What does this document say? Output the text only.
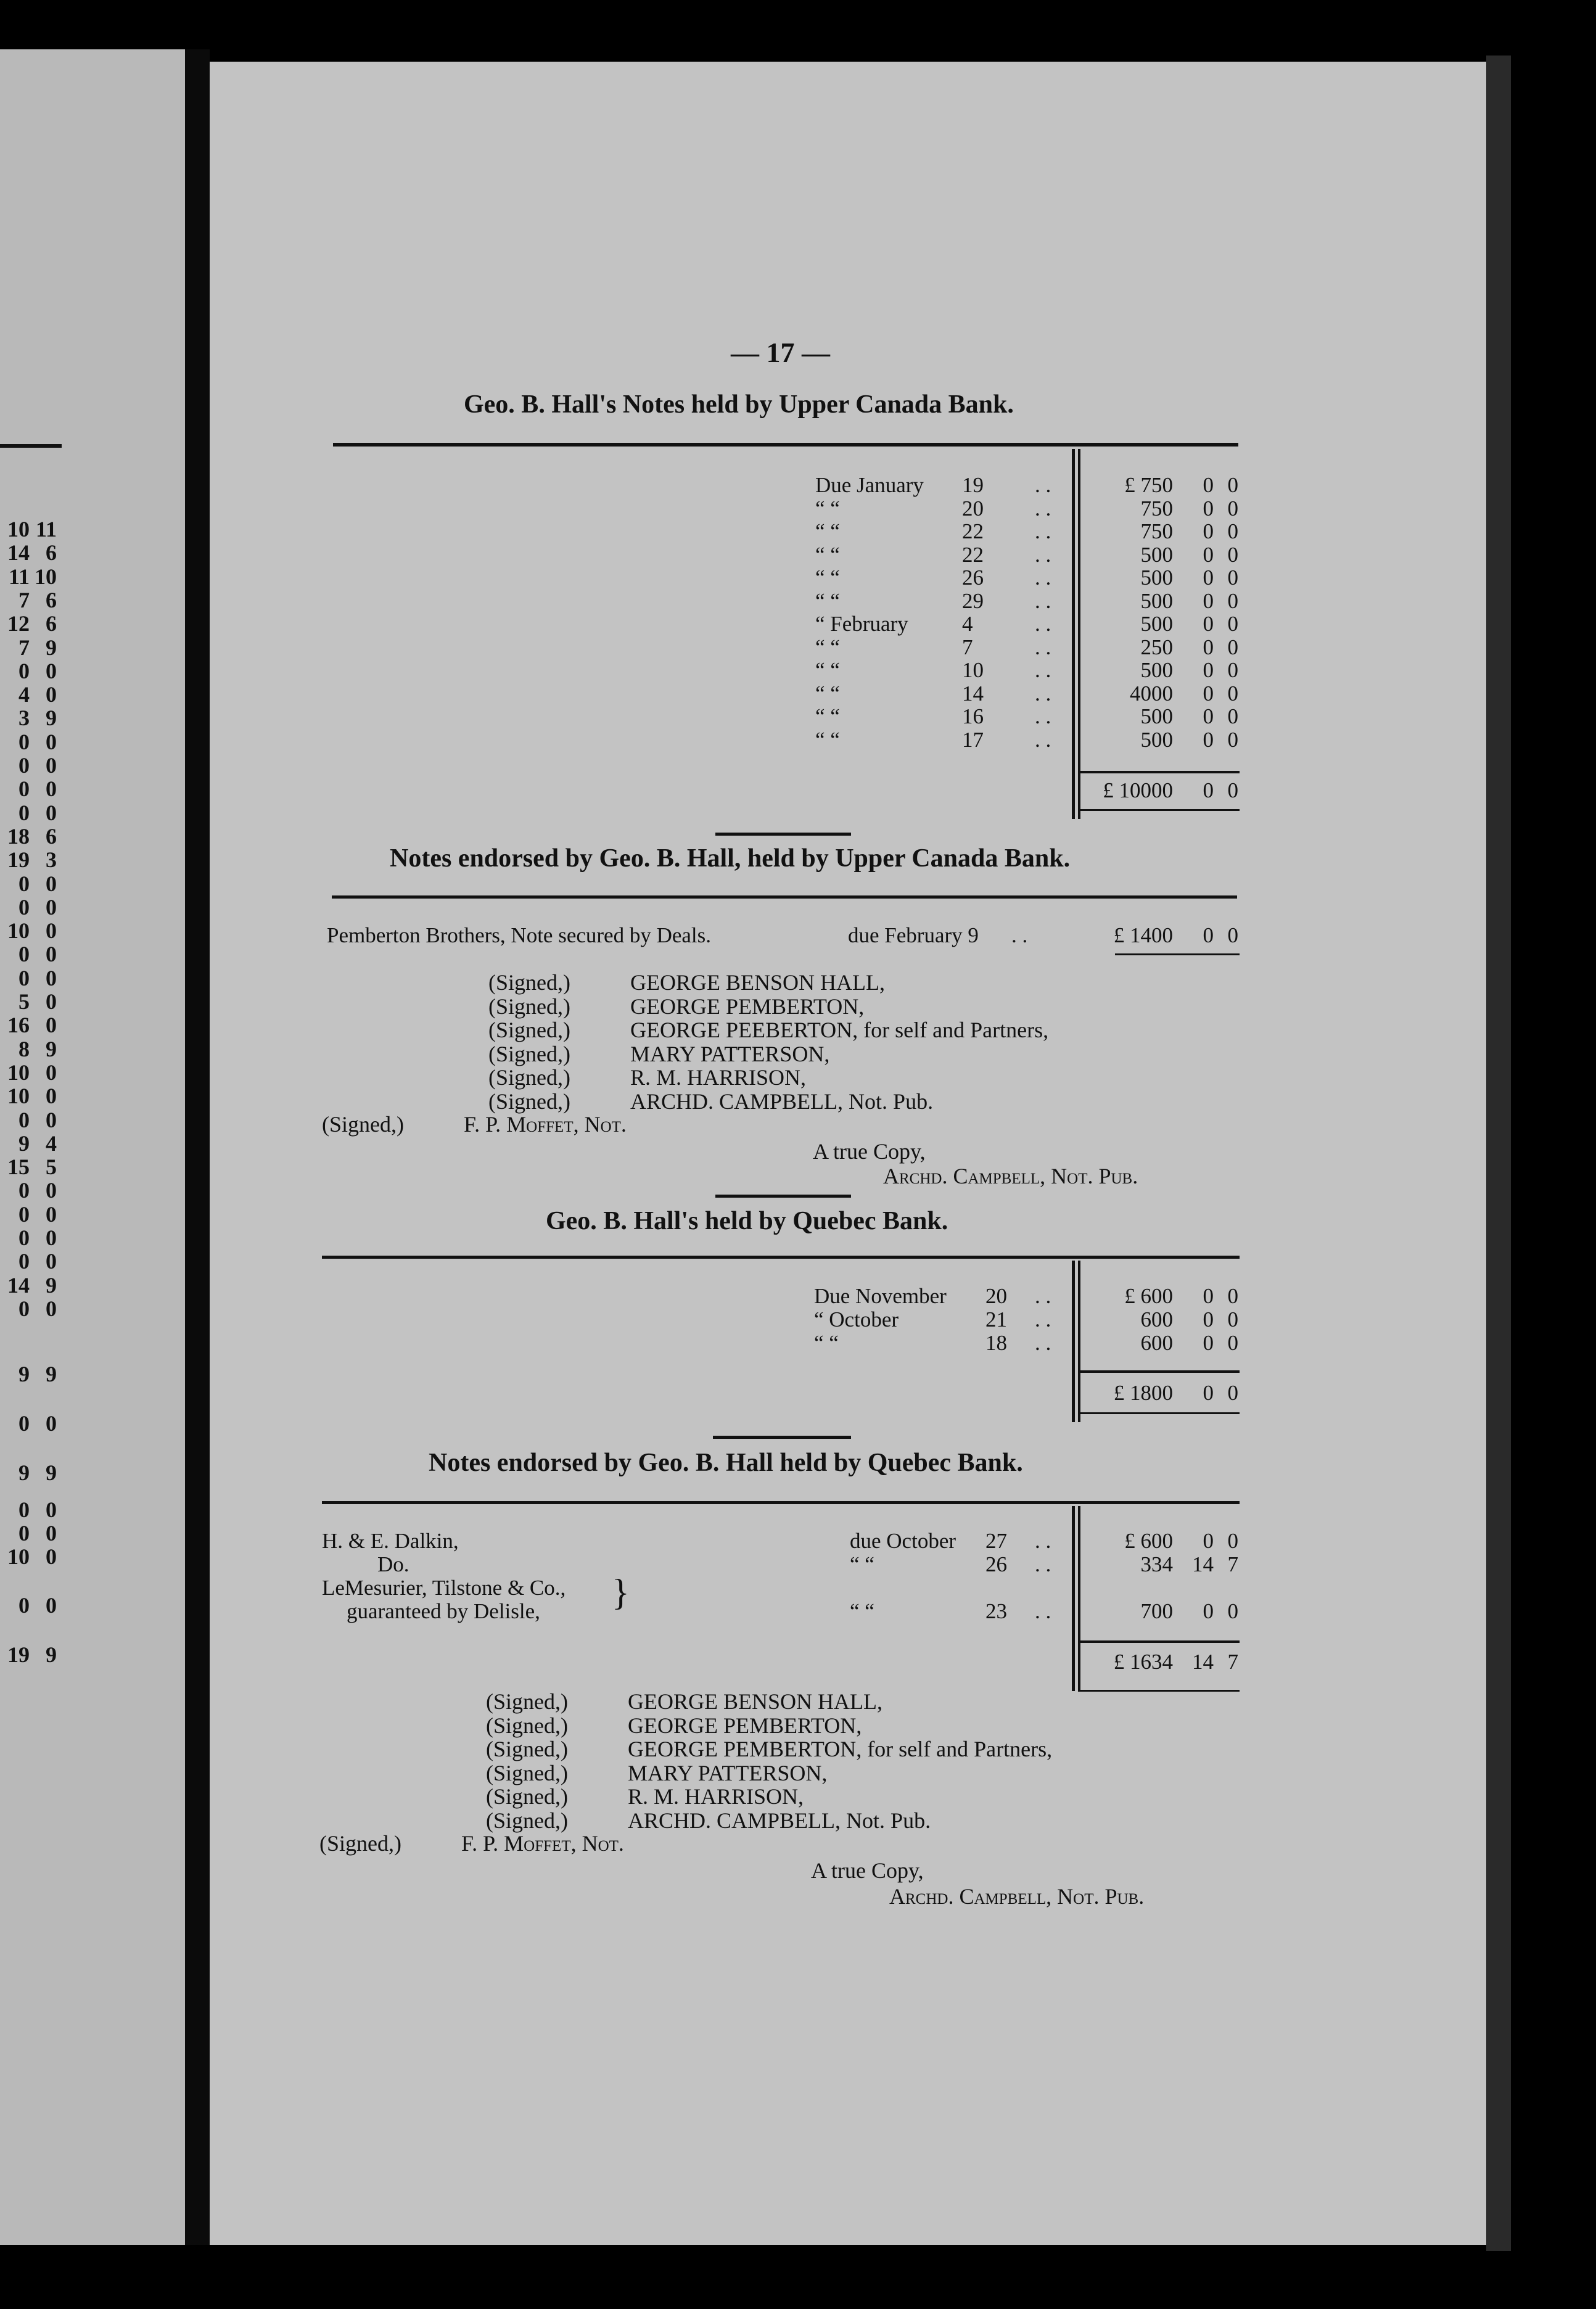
10 11
14 6
11 10
7 6
12 6
7 9
0 0
4 0
3 9
0 0
0 0
0 0
0 0
18 6
19 3
0 0
0 0
10 0
0 0
0 0
5 0
16 0
8 9
10 0
10 0
0 0
9 4
15 5
0 0
0 0
0 0
0 0
14 9
0 0
9 9
0 0
9 9
0 0
0 0
10 0
0 0
19 9
— 17 —
Geo. B. Hall's Notes held by Upper Canada Bank.
Due January 19 . .	£ 750 0 0
“ “	20 . .	750 0 0
“ “	22 . .	750 0 0
“ “	22 . .	500 0 0
“ “	26 . .	500 0 0
“ “	29 . .	500 0 0
“ February 4	. .	500 0 0
“ “	7	. .	250 0 0
“ “	10 . .	500 0 0
“ “	14 . .	4000 0 0
“ “	16 . .	500 0 0
“ “	17 . .	500 0 0
£ 10000 0 0
Notes endorsed by Geo. B. Hall, held by Upper Canada Bank.
Pemberton Brothers, Note secured by Deals.	due February 9 . .	£ 1400 0 0
(Signed,)	GEORGE BENSON HALL,
(Signed,)	GEORGE PEMBERTON,
(Signed,)	GEORGE PEEBERTON, for self and Partners,
(Signed,)	MARY PATTERSON,
(Signed,)	R. M. HARRISON,
(Signed,)	ARCHD. CAMPBELL, Not. Pub.
(Signed,)	F. P. Moffet, Not.
A true Copy,
Archd. Campbell, Not. Pub.
Geo. B. Hall's held by Quebec Bank.
Due November 20 . .	£ 600 0 0
“ October	21 . .	600 0 0
“ “	18 . .	600 0 0
£ 1800 0 0
Notes endorsed by Geo. B. Hall held by Quebec Bank.
H. & E. Dalkin,	due October 27 . .	£ 600 0 0
Do.	“ “	26 . .	334 14 7
LeMesurier, Tilstone & Co.,
guaranteed by Delisle,	“ “	23 . .	700 0 0
}
£ 1634 14 7
(Signed,)	GEORGE BENSON HALL,
(Signed,)	GEORGE PEMBERTON,
(Signed,)	GEORGE PEMBERTON, for self and Partners,
(Signed,)	MARY PATTERSON,
(Signed,)	R. M. HARRISON,
(Signed,)	ARCHD. CAMPBELL, Not. Pub.
(Signed,)	F. P. Moffet, Not.
A true Copy,
Archd. Campbell, Not. Pub.
